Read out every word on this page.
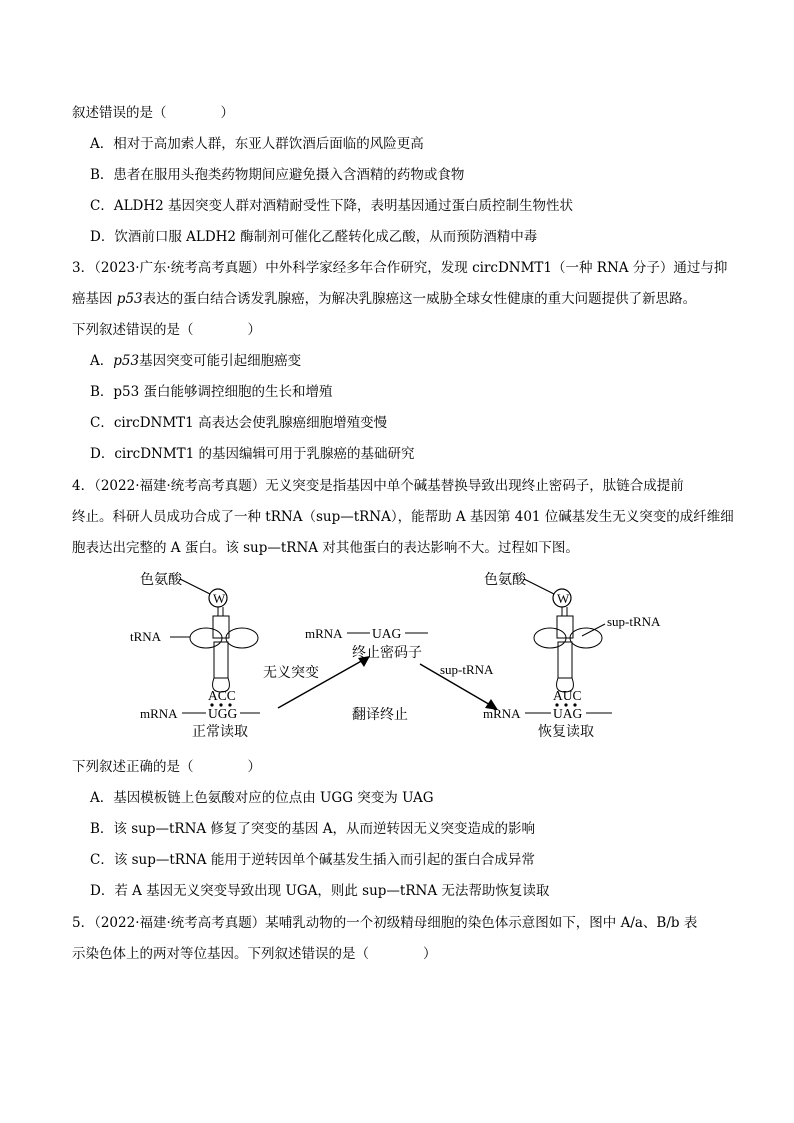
叙述错误的是（　　　　）
A．相对于高加索人群，东亚人群饮酒后面临的风险更高
B．患者在服用头孢类药物期间应避免摄入含酒精的药物或食物
C．ALDH2 基因突变人群对酒精耐受性下降，表明基因通过蛋白质控制生物性状
D．饮酒前口服 ALDH2 酶制剂可催化乙醛转化成乙酸，从而预防酒精中毒
3．（2023·广东·统考高考真题）中外科学家经多年合作研究，发现 circDNMT1（一种 RNA 分子）通过与抑
癌基因 p53表达的蛋白结合诱发乳腺癌，为解决乳腺癌这一威胁全球女性健康的重大问题提供了新思路。
下列叙述错误的是（　　　　）
A．p53基因突变可能引起细胞癌变
B．p53 蛋白能够调控细胞的生长和增殖
C．circDNMT1 高表达会使乳腺癌细胞增殖变慢
D．circDNMT1 的基因编辑可用于乳腺癌的基础研究
4．（2022·福建·统考高考真题）无义突变是指基因中单个碱基替换导致出现终止密码子，肽链合成提前
终止。科研人员成功合成了一种 tRNA（sup—tRNA），能帮助 A 基因第 401 位碱基发生无义突变的成纤维细
胞表达出完整的 A 蛋白。该 sup—tRNA 对其他蛋白的表达影响不大。过程如下图。
色氨酸
W
tRNA
ACC
mRNA UGG
正常读取
无义突变
mRNA UAG
终止密码子
sup-tRNA
翻译终止
色氨酸
W
sup-tRNA
AUC
mRNA UAG
恢复读取
下列叙述正确的是（　　　　）
A．基因模板链上色氨酸对应的位点由 UGG 突变为 UAG
B．该 sup—tRNA 修复了突变的基因 A，从而逆转因无义突变造成的影响
C．该 sup—tRNA 能用于逆转因单个碱基发生插入而引起的蛋白合成异常
D．若 A 基因无义突变导致出现 UGA，则此 sup—tRNA 无法帮助恢复读取
5．（2022·福建·统考高考真题）某哺乳动物的一个初级精母细胞的染色体示意图如下，图中 A/a、B/b 表
示染色体上的两对等位基因。下列叙述错误的是（　　　　）
